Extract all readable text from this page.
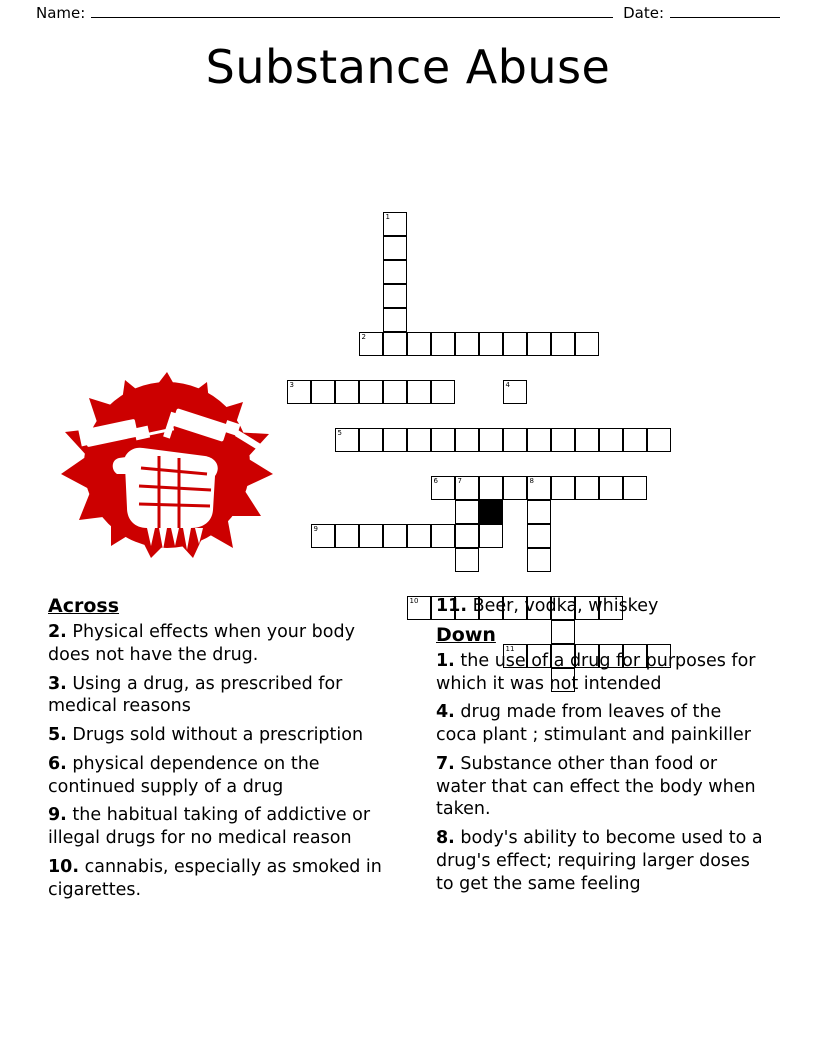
Name:	Date:
Substance Abuse
1
2
3	4
5
6	7	8
9
10
11
Across
2. Physical effects when your body does not have the drug.
3. Using a drug, as prescribed for medical reasons
5. Drugs sold without a prescription
6. physical dependence on the continued supply of a drug
9. the habitual taking of addictive or illegal drugs for no medical reason
10. cannabis, especially as smoked in cigarettes.
11. Beer, vodka, whiskey
Down
1. the use of a drug for purposes for which it was not intended
4. drug made from leaves of the coca plant ; stimulant and painkiller
7. Substance other than food or water that can effect the body when taken.
8. body's ability to become used to a drug's effect; requiring larger doses to get the same feeling
